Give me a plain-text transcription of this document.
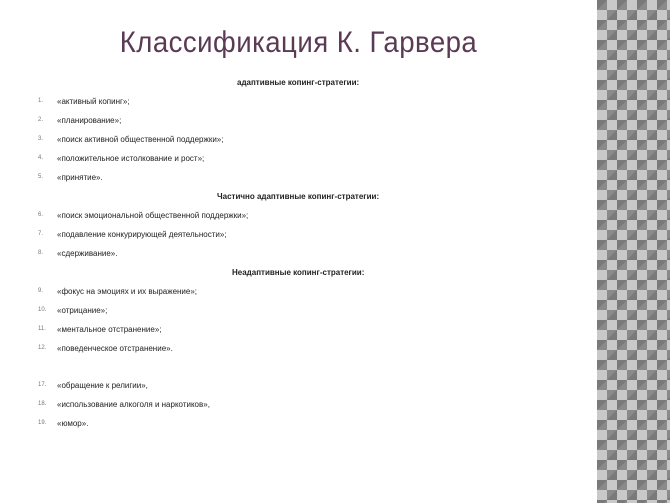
Классификация К. Гарвера
адаптивные копинг-стратегии:
1. «активный копинг»;
2. «планирование»;
3. «поиск активной общественной поддержки»;
4. «положительное истолкование и рост»;
5. «принятие».
Частично адаптивные копинг-стратегии:
6. «поиск эмоциональной общественной поддержки»;
7. «подавление конкурирующей деятельности»;
8. «сдерживание».
Неадаптивные копинг-стратегии:
9. «фокус на эмоциях и их выражение»;
10. «отрицание»;
11. «ментальное отстранение»;
12. «поведенческое отстранение».
17. «обращение к религии»,
18. «использование алкоголя и наркотиков»,
19. «юмор».
